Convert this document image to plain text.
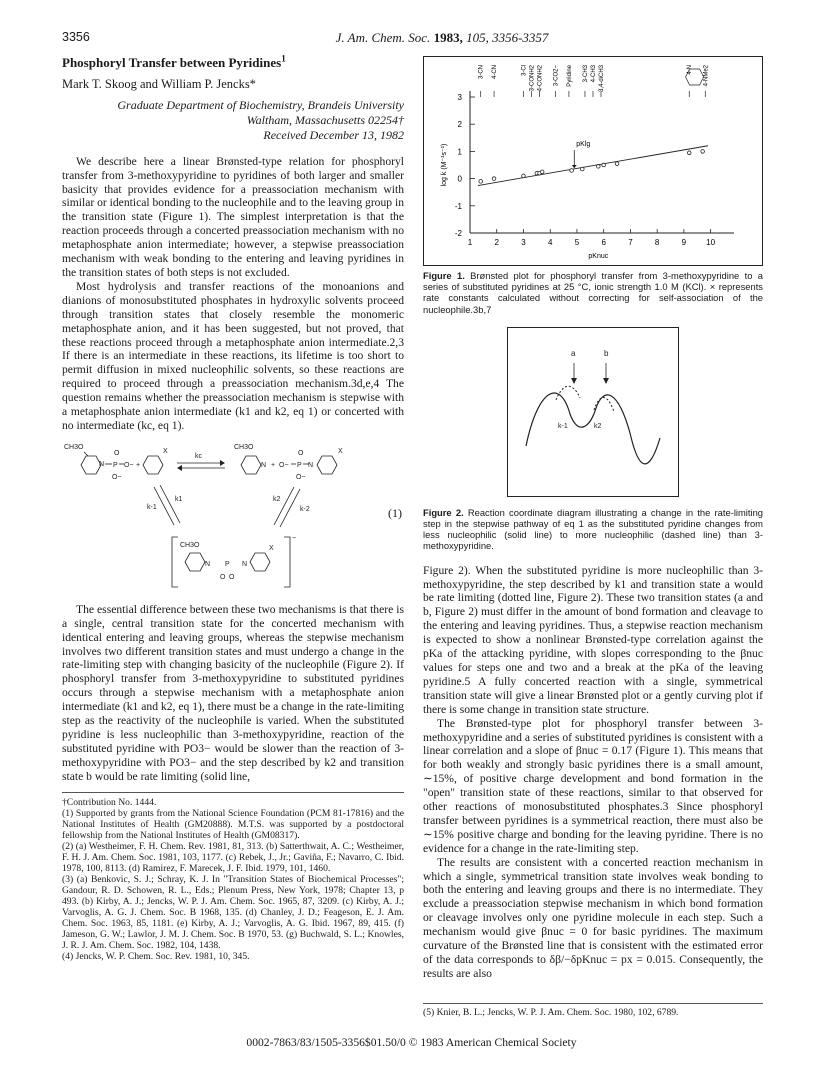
3356	J. Am. Chem. Soc. 1983, 105, 3356-3357
Phosphoryl Transfer between Pyridines$^1$
Mark T. Skoog and William P. Jencks*
Graduate Department of Biochemistry, Brandeis University
Waltham, Massachusetts 02254†
Received December 13, 1982

We describe here a linear Brønsted-type relation for phosphoryl transfer from 3-methoxypyridine to pyridines of both larger and smaller basicity that provides evidence for a preassociation mechanism with similar or identical bonding to the nucleophile and to the leaving group in the transition state (Figure 1). The simplest interpretation is that the reaction proceeds through a concerted preassociation mechanism with no metaphosphate anion intermediate; however, a stepwise preassociation mechanism with weak bonding to the entering and leaving pyridines in the transition states of both steps is not excluded.

Most hydrolysis and transfer reactions of the monoanions and dianions of monosubstituted phosphates in hydroxylic solvents proceed through transition states that closely resemble the monomeric metaphosphate anion, and it has been suggested, but not proved, that these reactions proceed through a metaphosphate anion intermediate.2,3 If there is an intermediate in these reactions, its lifetime is too short to permit diffusion in mixed nucleophilic solvents, so these reactions are required to proceed through a preassociation mechanism.3d,e,4 The question remains whether the preassociation mechanism is stepwise with a metaphosphate anion intermediate (k1 and k2, eq 1) or concerted with no intermediate (kc, eq 1).

CH3O
N P
O
O−
O− +
X
kc
CH3O
N + O− P
O
O−
N
X
k-1
k1	k2
k-2
−
CH3O
N P
O O
N
X
(1)

The essential difference between these two mechanisms is that there is a single, central transition state for the concerted mechanism with identical entering and leaving groups, whereas the stepwise mechanism involves two different transition states and must undergo a change in the rate-limiting step with changing basicity of the nucleophile (Figure 2). If phosphoryl transfer from 3-methoxypyridine to substituted pyridines occurs through a stepwise mechanism with a metaphosphate anion intermediate (k1 and k2, eq 1), there must be a change in the rate-limiting step as the reactivity of the nucleophile is varied. When the substituted pyridine is less nucleophilic than 3-methoxypyridine, reaction of the substituted pyridine with PO3− would be slower than the reaction of 3-methoxypyridine with PO3− and the step described by k2 and transition state b would be rate limiting (solid line,

†Contribution No. 1444.
(1) Supported by grants from the National Science Foundation (PCM 81-17816) and the National Institutes of Health (GM20888). M.T.S. was supported by a postdoctoral fellowship from the National Institutes of Health (GM08317).
(2) (a) Westheimer, F. H. Chem. Rev. 1981, 81, 313. (b) Satterthwait, A. C.; Westheimer, F. H. J. Am. Chem. Soc. 1981, 103, 1177. (c) Rebek, J., Jr.; Gaviña, F.; Navarro, C. Ibid. 1978, 100, 8113. (d) Ramirez, F. Marecek, J. F. Ibid. 1979, 101, 1460.
(3) (a) Benkovic, S. J.; Schray, K. J. In "Transition States of Biochemical Processes"; Gandour, R. D. Schowen, R. L., Eds.; Plenum Press, New York, 1978; Chapter 13, p 493. (b) Kirby, A. J.; Jencks, W. P. J. Am. Chem. Soc. 1965, 87, 3209. (c) Kirby, A. J.; Varvoglis, A. G. J. Chem. Soc. B 1968, 135. (d) Chanley, J. D.; Feageson, E. J. Am. Chem. Soc. 1963, 85, 1181. (e) Kirby, A. J.; Varvoglis, A. G. Ibid. 1967, 89, 415. (f) Jameson, G. W.; Lawlor, J. M. J. Chem. Soc. B 1970, 53. (g) Buchwald, S. L.; Knowles, J. R. J. Am. Chem. Soc. 1982, 104, 1438.
(4) Jencks, W. P. Chem. Soc. Rev. 1981, 10, 345.
3
2
1
0
-1
-2
1	2	3	4	5	6	7	8	9	10
pKnuc
log k (M⁻¹s⁻¹)	pKlg
3-CN 4-CN	3-Cl 3-CONH2 4-CONH2 3-CO2− Pyridine 3-CH3 4-CH3 3,4-diCH3	4-N 4-NMe2
Figure 1. Brønsted plot for phosphoryl transfer from 3-methoxypyridine to a series of substituted pyridines at 25 °C, ionic strength 1.0 M (KCl). × represents rate constants calculated without correcting for self-association of the nucleophile.3b,7
a	b
k-1	k2
Figure 2. Reaction coordinate diagram illustrating a change in the rate-limiting step in the stepwise pathway of eq 1 as the substituted pyridine changes from less nucleophilic (solid line) to more nucleophilic (dashed line) than 3-methoxypyridine.

Figure 2). When the substituted pyridine is more nucleophilic than 3-methoxypyridine, the step described by k1 and transition state a would be rate limiting (dotted line, Figure 2). These two transition states (a and b, Figure 2) must differ in the amount of bond formation and cleavage to the entering and leaving pyridines. Thus, a stepwise reaction mechanism is expected to show a nonlinear Brønsted-type correlation against the pKa of the attacking pyridine, with slopes corresponding to the βnuc values for steps one and two and a break at the pKa of the leaving pyridine.5 A fully concerted reaction with a single, symmetrical transition state will give a linear Brønsted plot or a gently curving plot if there is some change in transition state structure.

The Brønsted-type plot for phosphoryl transfer between 3-methoxypyridine and a series of substituted pyridines is consistent with a linear correlation and a slope of βnuc = 0.17 (Figure 1). This means that for both weakly and strongly basic pyridines there is a small amount, ∼15%, of positive charge development and bond formation in the "open" transition state of these reactions, similar to that observed for other reactions of monosubstituted phosphates.3 Since phosphoryl transfer between pyridines is a symmetrical reaction, there must also be ∼15% positive charge and bonding for the leaving pyridine. There is no evidence for a change in the rate-limiting step.

The results are consistent with a concerted reaction mechanism in which a single, symmetrical transition state involves weak bonding to both the entering and leaving groups and there is no intermediate. They exclude a preassociation stepwise mechanism in which bond formation or cleavage involves only one pyridine molecule in each step. Such a mechanism would give βnuc = 0 for basic pyridines. The maximum curvature of the Brønsted line that is consistent with the estimated error of the data corresponds to δβ/−δpKnuc = px = 0.015. Consequently, the results are also

(5) Knier, B. L.; Jencks, W. P. J. Am. Chem. Soc. 1980, 102, 6789.
0002-7863/83/1505-3356$01.50/0 © 1983 American Chemical Society
